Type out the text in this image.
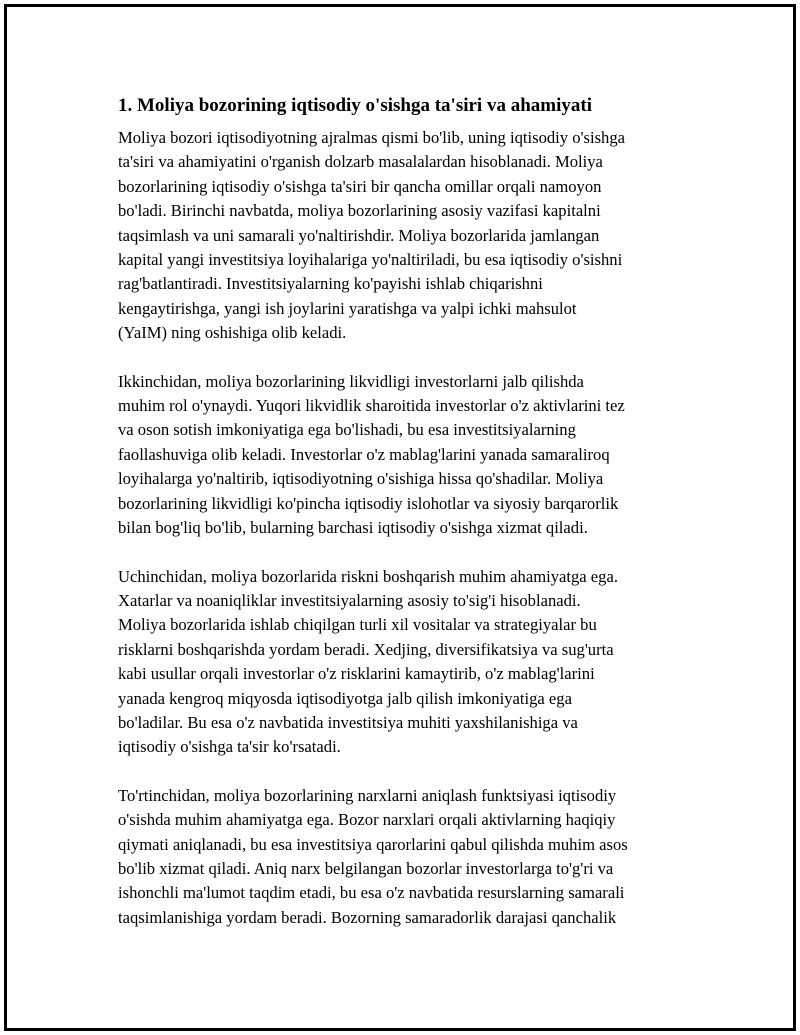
1. Moliya bozorining iqtisodiy o'sishga ta'siri va ahamiyati

Moliya bozori iqtisodiyotning ajralmas qismi bo'lib, uning iqtisodiy o'sishga
ta'siri va ahamiyatini o'rganish dolzarb masalalardan hisoblanadi. Moliya
bozorlarining iqtisodiy o'sishga ta'siri bir qancha omillar orqali namoyon
bo'ladi. Birinchi navbatda, moliya bozorlarining asosiy vazifasi kapitalni
taqsimlash va uni samarali yo'naltirishdir. Moliya bozorlarida jamlangan
kapital yangi investitsiya loyihalariga yo'naltiriladi, bu esa iqtisodiy o'sishni
rag'batlantiradi. Investitsiyalarning ko'payishi ishlab chiqarishni
kengaytirishga, yangi ish joylarini yaratishga va yalpi ichki mahsulot
(YaIM) ning oshishiga olib keladi.

Ikkinchidan, moliya bozorlarining likvidligi investorlarni jalb qilishda
muhim rol o'ynaydi. Yuqori likvidlik sharoitida investorlar o'z aktivlarini tez
va oson sotish imkoniyatiga ega bo'lishadi, bu esa investitsiyalarning
faollashuviga olib keladi. Investorlar o'z mablag'larini yanada samaraliroq
loyihalarga yo'naltirib, iqtisodiyotning o'sishiga hissa qo'shadilar. Moliya
bozorlarining likvidligi ko'pincha iqtisodiy islohotlar va siyosiy barqarorlik
bilan bog'liq bo'lib, bularning barchasi iqtisodiy o'sishga xizmat qiladi.

Uchinchidan, moliya bozorlarida riskni boshqarish muhim ahamiyatga ega.
Xatarlar va noaniqliklar investitsiyalarning asosiy to'sig'i hisoblanadi.
Moliya bozorlarida ishlab chiqilgan turli xil vositalar va strategiyalar bu
risklarni boshqarishda yordam beradi. Xedjing, diversifikatsiya va sug'urta
kabi usullar orqali investorlar o'z risklarini kamaytirib, o'z mablag'larini
yanada kengroq miqyosda iqtisodiyotga jalb qilish imkoniyatiga ega
bo'ladilar. Bu esa o'z navbatida investitsiya muhiti yaxshilanishiga va
iqtisodiy o'sishga ta'sir ko'rsatadi.

To'rtinchidan, moliya bozorlarining narxlarni aniqlash funktsiyasi iqtisodiy
o'sishda muhim ahamiyatga ega. Bozor narxlari orqali aktivlarning haqiqiy
qiymati aniqlanadi, bu esa investitsiya qarorlarini qabul qilishda muhim asos
bo'lib xizmat qiladi. Aniq narx belgilangan bozorlar investorlarga to'g'ri va
ishonchli ma'lumot taqdim etadi, bu esa o'z navbatida resurslarning samarali
taqsimlanishiga yordam beradi. Bozorning samaradorlik darajasi qanchalik
